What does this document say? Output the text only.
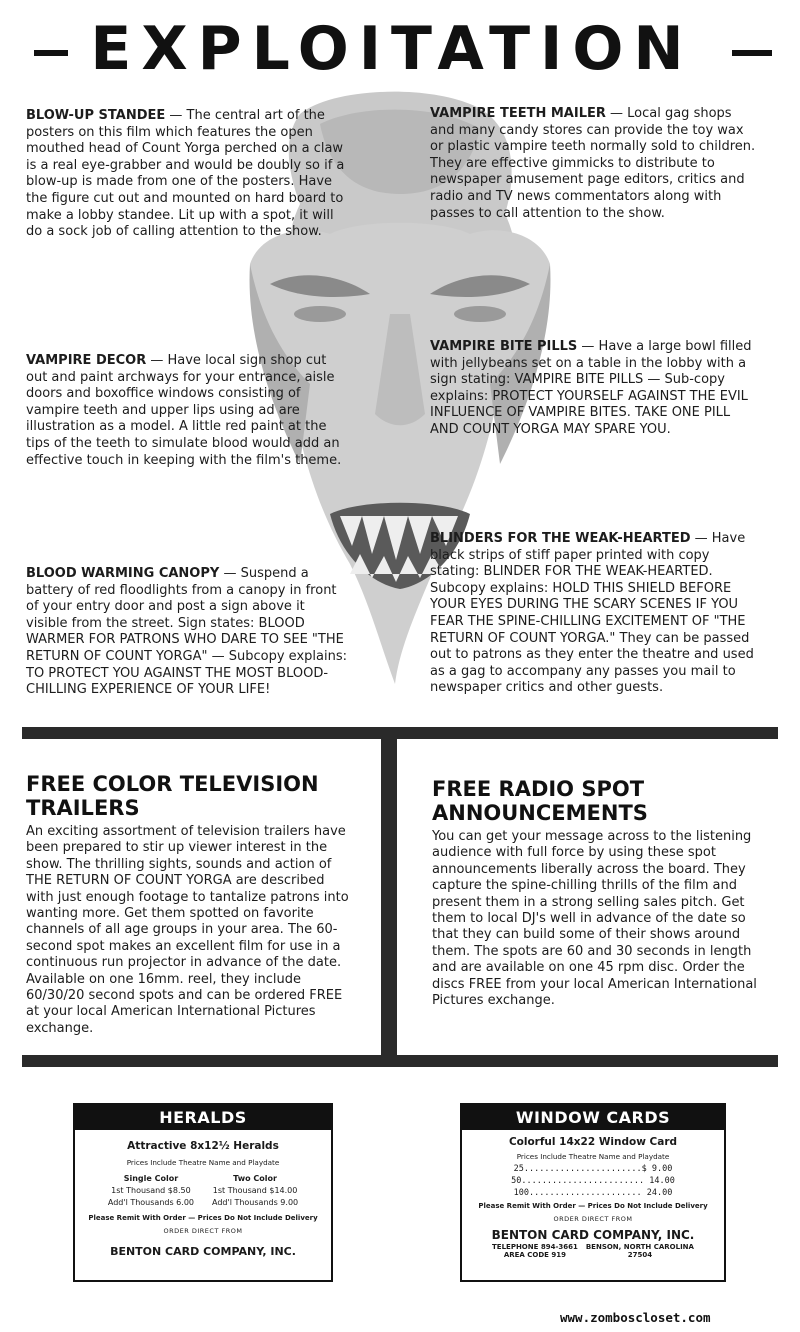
EXPLOITATION
BLOW-UP STANDEE — The central art of the posters on this film which features the open mouthed head of Count Yorga perched on a claw is a real eye-grabber and would be doubly so if a blow-up is made from one of the posters. Have the figure cut out and mounted on hard board to make a lobby standee. Lit up with a spot, it will do a sock job of calling attention to the show.
VAMPIRE TEETH MAILER — Local gag shops and many candy stores can provide the toy wax or plastic vampire teeth normally sold to children. They are effective gimmicks to distribute to newspaper amusement page editors, critics and radio and TV news commentators along with passes to call attention to the show.
VAMPIRE DECOR — Have local sign shop cut out and paint archways for your entrance, aisle doors and boxoffice windows consisting of vampire teeth and upper lips using ad are illustration as a model. A little red paint at the tips of the teeth to simulate blood would add an effective touch in keeping with the film's theme.
VAMPIRE BITE PILLS — Have a large bowl filled with jellybeans set on a table in the lobby with a sign stating: VAMPIRE BITE PILLS — Sub-copy explains: PROTECT YOURSELF AGAINST THE EVIL INFLUENCE OF VAMPIRE BITES. TAKE ONE PILL AND COUNT YORGA MAY SPARE YOU.
BLOOD WARMING CANOPY — Suspend a battery of red floodlights from a canopy in front of your entry door and post a sign above it visible from the street. Sign states: BLOOD WARMER FOR PATRONS WHO DARE TO SEE "THE RETURN OF COUNT YORGA" — Subcopy explains: TO PROTECT YOU AGAINST THE MOST BLOOD-CHILLING EXPERIENCE OF YOUR LIFE!
BLINDERS FOR THE WEAK-HEARTED — Have black strips of stiff paper printed with copy stating: BLINDER FOR THE WEAK-HEARTED. Subcopy explains: HOLD THIS SHIELD BEFORE YOUR EYES DURING THE SCARY SCENES IF YOU FEAR THE SPINE-CHILLING EXCITEMENT OF "THE RETURN OF COUNT YORGA." They can be passed out to patrons as they enter the theatre and used as a gag to accompany any passes you mail to newspaper critics and other guests.
FREE COLOR TELEVISION TRAILERS
An exciting assortment of television trailers have been prepared to stir up viewer interest in the show. The thrilling sights, sounds and action of THE RETURN OF COUNT YORGA are described with just enough footage to tantalize patrons into wanting more. Get them spotted on favorite channels of all age groups in your area. The 60-second spot makes an excellent film for use in a continuous run projector in advance of the date. Available on one 16mm. reel, they include 60/30/20 second spots and can be ordered FREE at your local American International Pictures exchange.
FREE RADIO SPOT ANNOUNCEMENTS
You can get your message across to the listening audience with full force by using these spot announcements liberally across the board. They capture the spine-chilling thrills of the film and present them in a strong selling sales pitch. Get them to local DJ's well in advance of the date so that they can build some of their shows around them. The spots are 60 and 30 seconds in length and are available on one 45 rpm disc. Order the discs FREE from your local American International Pictures exchange.
HERALDS
Attractive 8x12½ Heralds
Prices Include Theatre Name and Playdate
Single Color
1st Thousand $8.50
Add'l Thousands 6.00
Two Color
1st Thousand $14.00
Add'l Thousands 9.00
Please Remit With Order — Prices Do Not Include Delivery
ORDER DIRECT FROM
BENTON CARD COMPANY, INC.
WINDOW CARDS
Colorful 14x22 Window Card
Prices Include Theatre Name and Playdate
25.......................$ 9.00
50........................ 14.00
100...................... 24.00
Please Remit With Order — Prices Do Not Include Delivery
ORDER DIRECT FROM
BENTON CARD COMPANY, INC.
TELEPHONE 894-3661
AREA CODE 919
BENSON, NORTH CAROLINA
27504
www.zomboscloset.com
